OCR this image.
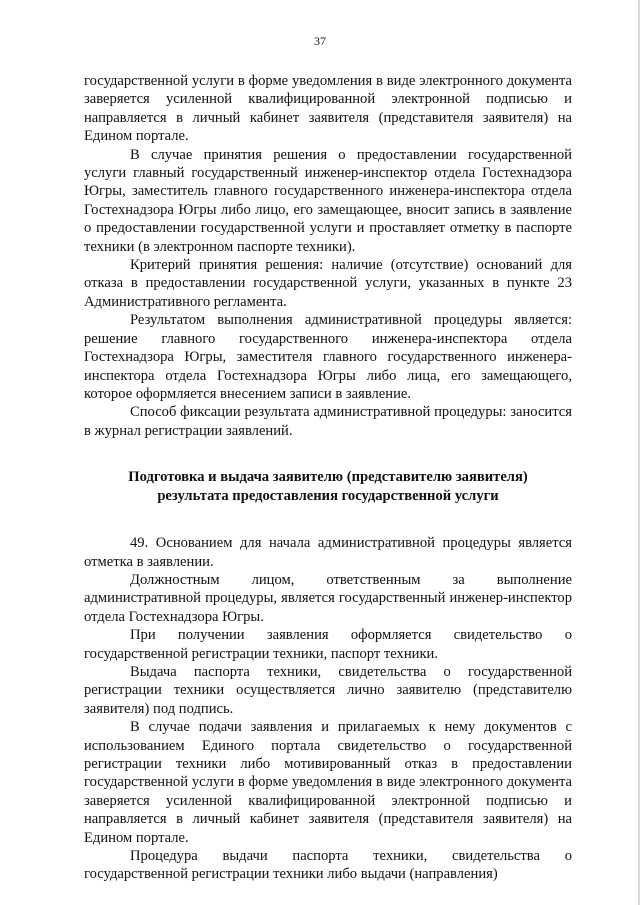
37

государственной услуги в форме уведомления в виде электронного документа заверяется усиленной квалифицированной электронной подписью и направляется в личный кабинет заявителя (представителя заявителя) на Едином портале.

В случае принятия решения о предоставлении государственной услуги главный государственный инженер-инспектор отдела Гостехнадзора Югры, заместитель главного государственного инженера-инспектора отдела Гостехнадзора Югры либо лицо, его замещающее, вносит запись в заявление о предоставлении государственной услуги и проставляет отметку в паспорте техники (в электронном паспорте техники).

Критерий принятия решения: наличие (отсутствие) оснований для отказа в предоставлении государственной услуги, указанных в пункте 23 Административного регламента.

Результатом выполнения административной процедуры является: решение главного государственного инженера-инспектора отдела Гостехнадзора Югры, заместителя главного государственного инженера-инспектора отдела Гостехнадзора Югры либо лица, его замещающего, которое оформляется внесением записи в заявление.

Способ фиксации результата административной процедуры: заносится в журнал регистрации заявлений.

Подготовка и выдача заявителю (представителю заявителя)
результата предоставления государственной услуги

49. Основанием для начала административной процедуры является отметка в заявлении.

Должностным лицом, ответственным за выполнение административной процедуры, является государственный инженер-инспектор отдела Гостехнадзора Югры.

При получении заявления оформляется свидетельство о государственной регистрации техники, паспорт техники.

Выдача паспорта техники, свидетельства о государственной регистрации техники осуществляется лично заявителю (представителю заявителя) под подпись.

В случае подачи заявления и прилагаемых к нему документов с использованием Единого портала свидетельство о государственной регистрации техники либо мотивированный отказ в предоставлении государственной услуги в форме уведомления в виде электронного документа заверяется усиленной квалифицированной электронной подписью и направляется в личный кабинет заявителя (представителя заявителя) на Едином портале.

Процедура выдачи паспорта техники, свидетельства о государственной регистрации техники либо выдачи (направления)
